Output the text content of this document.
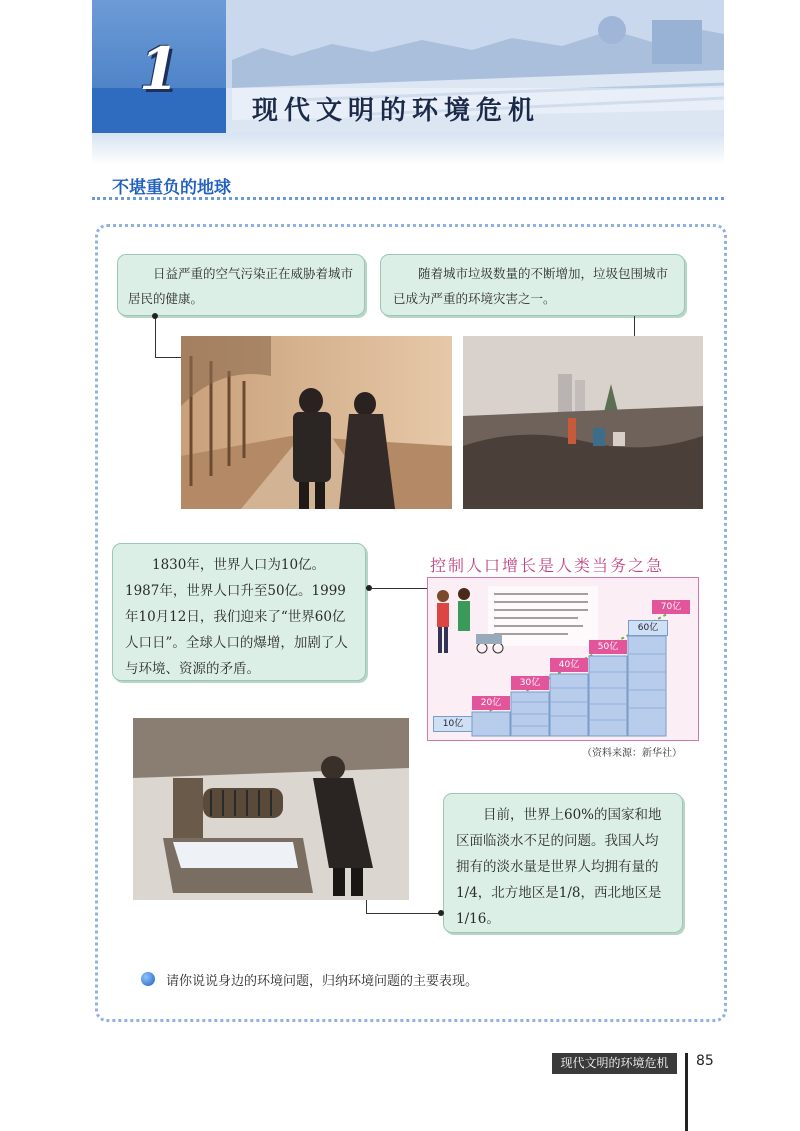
1
现代文明的环境危机
不堪重负的地球

日益严重的空气污染正在威胁着城市居民的健康。

随着城市垃圾数量的不断增加，垃圾包围城市已成为严重的环境灾害之一。

1830年，世界人口为10亿。1987年，世界人口升至50亿。1999年10月12日，我们迎来了“世界60亿人口日”。全球人口的爆增，加剧了人与环境、资源的矛盾。

控制人口增长是人类当务之急
10亿
20亿
30亿
40亿
50亿
60亿
70亿
（资料来源：新华社）

目前，世界上60%的国家和地区面临淡水不足的问题。我国人均拥有的淡水量是世界人均拥有量的1/4，北方地区是1/8，西北地区是1/16。

请你说说身边的环境问题，归纳环境问题的主要表现。
现代文明的环境危机	85
